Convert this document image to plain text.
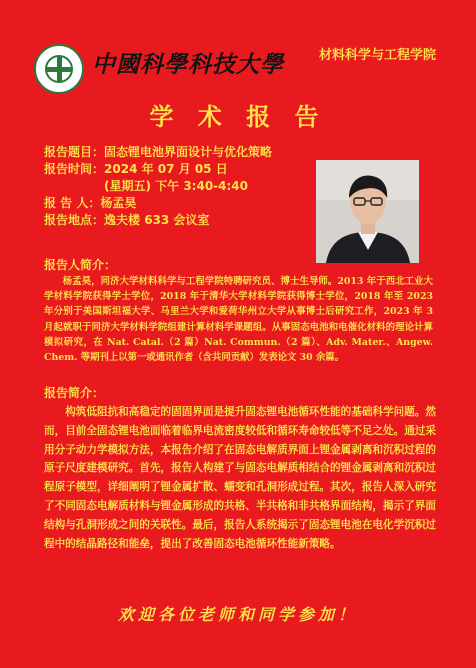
中國科學科技大學	材料科学与工程学院
学 术 报 告
报告题目：固态锂电池界面设计与优化策略
报告时间：2024 年 07 月 05 日
(星期五) 下午 3:40-4:40
报 告 人：杨孟昊
报告地点：逸夫楼 633 会议室
报告人简介：
杨孟昊，同济大学材料科学与工程学院特聘研究员、博士生导师。2013 年于西北工业大学材料学院获得学士学位，2018 年于清华大学材料学院获得博士学位，2018 年至 2023 年分别于美国斯坦福大学、马里兰大学和爱荷华州立大学从事博士后研究工作，2023 年 3 月起就职于同济大学材料学院组建计算材料学课题组。从事固态电池和电催化材料的理论计算模拟研究，在 Nat. Catal.（2 篇）Nat. Commun.（2 篇）、Adv. Mater.、Angew. Chem. 等期刊上以第一或通讯作者（含共同贡献）发表论文 30 余篇。
报告简介：
构筑低阻抗和高稳定的固固界面是提升固态锂电池循环性能的基础科学问题。然而，目前全固态锂电池面临着临界电流密度较低和循环寿命较低等不足之处。通过采用分子动力学模拟方法，本报告介绍了在固态电解质界面上锂金属剥离和沉积过程的原子尺度建模研究。首先，报告人构建了与固态电解质相结合的锂金属剥离和沉积过程原子模型，详细阐明了锂金属扩散、蠕变和孔洞形成过程。其次，报告人深入研究了不同固态电解质材料与锂金属形成的共格、半共格和非共格界面结构，揭示了界面结构与孔洞形成之间的关联性。最后，报告人系统揭示了固态锂电池在电化学沉积过程中的结晶路径和能垒，提出了改善固态电池循环性能新策略。
欢迎各位老师和同学参加！
